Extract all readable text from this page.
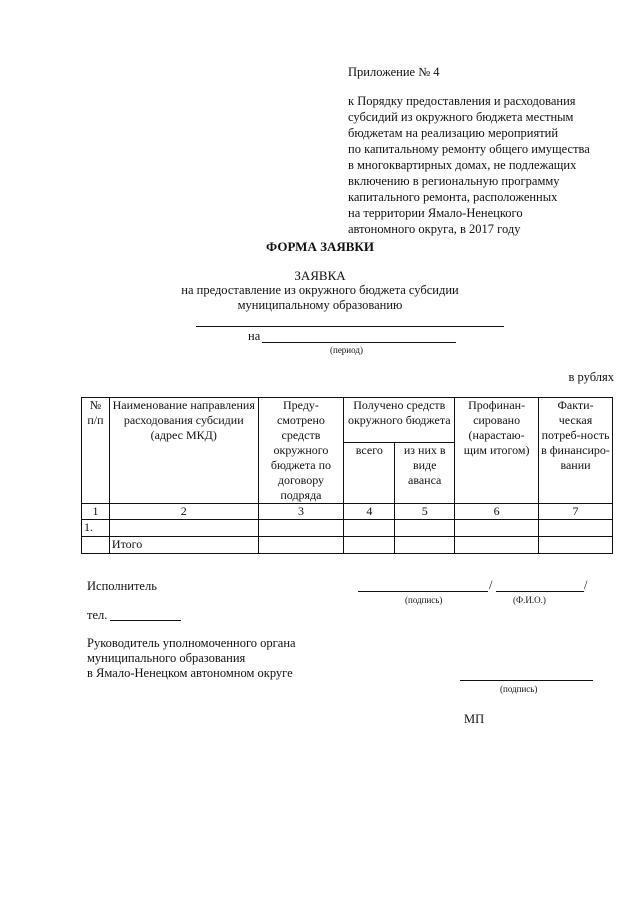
Приложение № 4
к Порядку предоставления и расходования
субсидий из окружного бюджета местным
бюджетам на реализацию мероприятий
по капитальному ремонту общего имущества
в многоквартирных домах, не подлежащих
включению в региональную программу
капитального ремонта, расположенных
на территории Ямало-Ненецкого
автономного округа, в 2017 году
ФОРМА ЗАЯВКИ
ЗАЯВКА
на предоставление из окружного бюджета субсидии
муниципальному образованию
на
(период)
в рублях
№ п/п	Наименование направления расходования субсидии (адрес МКД)	Преду-смотрено средств окружного бюджета по договору подряда	Получено средств окружного бюджета		Профинан-сировано (нарастаю-щим итогом)	Факти-ческая потреб-ность в финансиро-вании
			всего	из них в виде аванса		
1	2	3	4	5	6	7
1.						
	Итого					
Исполнитель	/	/
(подпись)	(Ф.И.О.)
тел.
Руководитель уполномоченного органа
муниципального образования
в Ямало-Ненецком автономном округе
(подпись)
МП
